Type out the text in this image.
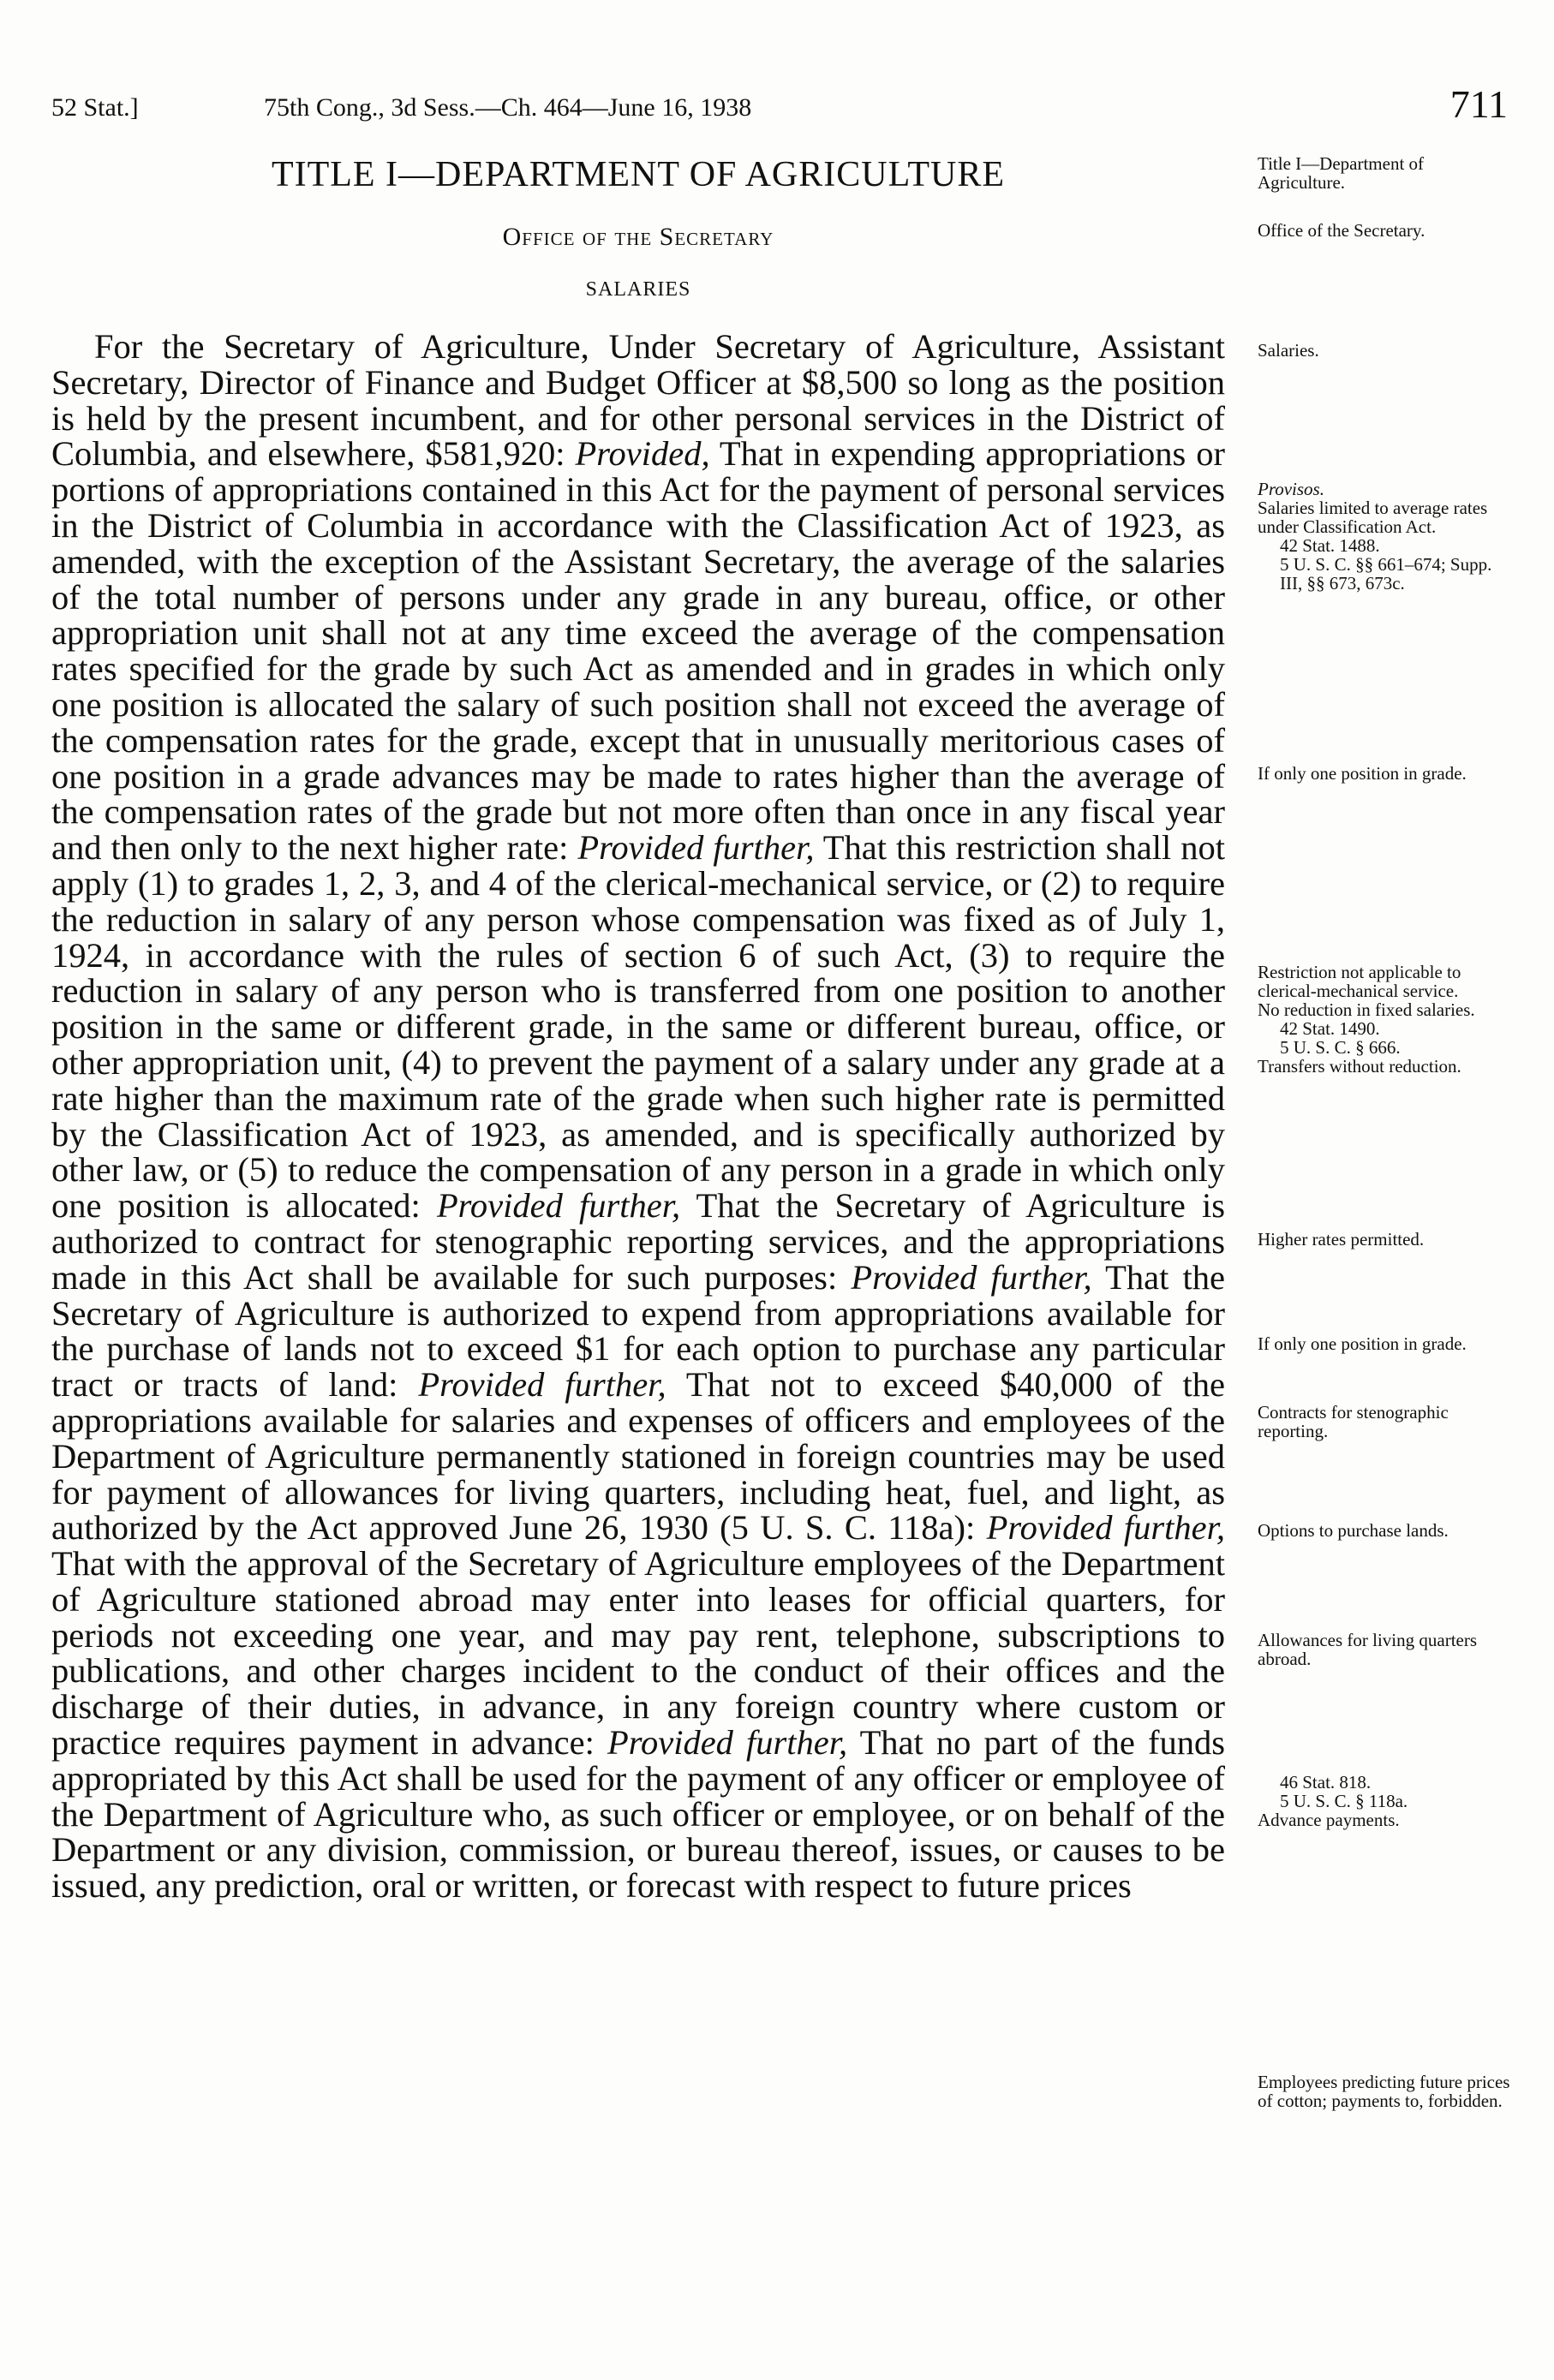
52 Stat.]	75th Cong., 3d Sess.—Ch. 464—June 16, 1938	711
TITLE I—DEPARTMENT OF AGRICULTURE
Office of the Secretary
SALARIES

For the Secretary of Agriculture, Under Secretary of Agriculture, Assistant Secretary, Director of Finance and Budget Officer at $8,500 so long as the position is held by the present incumbent, and for other personal services in the District of Columbia, and elsewhere, $581,920: Provided, That in expending appropriations or portions of appropriations contained in this Act for the payment of personal services in the District of Columbia in accordance with the Classification Act of 1923, as amended, with the exception of the Assistant Secretary, the average of the salaries of the total number of persons under any grade in any bureau, office, or other appropriation unit shall not at any time exceed the average of the compensation rates specified for the grade by such Act as amended and in grades in which only one position is allocated the salary of such position shall not exceed the average of the compensation rates for the grade, except that in unusually meritorious cases of one position in a grade advances may be made to rates higher than the average of the compensation rates of the grade but not more often than once in any fiscal year and then only to the next higher rate: Provided further, That this restriction shall not apply (1) to grades 1, 2, 3, and 4 of the clerical-mechanical service, or (2) to require the reduction in salary of any person whose compensation was fixed as of July 1, 1924, in accordance with the rules of section 6 of such Act, (3) to require the reduction in salary of any person who is transferred from one position to another position in the same or different grade, in the same or different bureau, office, or other appropriation unit, (4) to prevent the payment of a salary under any grade at a rate higher than the maximum rate of the grade when such higher rate is permitted by the Classification Act of 1923, as amended, and is specifically authorized by other law, or (5) to reduce the compensation of any person in a grade in which only one position is allocated: Provided further, That the Secretary of Agriculture is authorized to contract for stenographic reporting services, and the appropriations made in this Act shall be available for such purposes: Provided further, That the Secretary of Agriculture is authorized to expend from appropriations available for the purchase of lands not to exceed $1 for each option to purchase any particular tract or tracts of land: Provided further, That not to exceed $40,000 of the appropriations available for salaries and expenses of officers and employees of the Department of Agriculture permanently stationed in foreign countries may be used for payment of allowances for living quarters, including heat, fuel, and light, as authorized by the Act approved June 26, 1930 (5 U. S. C. 118a): Provided further, That with the approval of the Secretary of Agriculture employees of the Department of Agriculture stationed abroad may enter into leases for official quarters, for periods not exceeding one year, and may pay rent, telephone, subscriptions to publications, and other charges incident to the conduct of their offices and the discharge of their duties, in advance, in any foreign country where custom or practice requires payment in advance: Provided further, That no part of the funds appropriated by this Act shall be used for the payment of any officer or employee of the Department of Agriculture who, as such officer or employee, or on behalf of the Department or any division, commission, or bureau thereof, issues, or causes to be issued, any prediction, oral or written, or forecast with respect to future prices

Title I—Department of Agriculture.
Office of the Secretary.
Salaries.
Provisos.
Salaries limited to average rates under Classification Act.
42 Stat. 1488.
5 U. S. C. §§ 661–674; Supp. III, §§ 673, 673c.
If only one position in grade.
Restriction not applicable to clerical-mechanical service.
No reduction in fixed salaries.
42 Stat. 1490.
5 U. S. C. § 666.
Transfers without reduction.
Higher rates permitted.
If only one position in grade.
Contracts for stenographic reporting.
Options to purchase lands.
Allowances for living quarters abroad.
46 Stat. 818.
5 U. S. C. § 118a.
Advance payments.
Employees predicting future prices of cotton; payments to, forbidden.
